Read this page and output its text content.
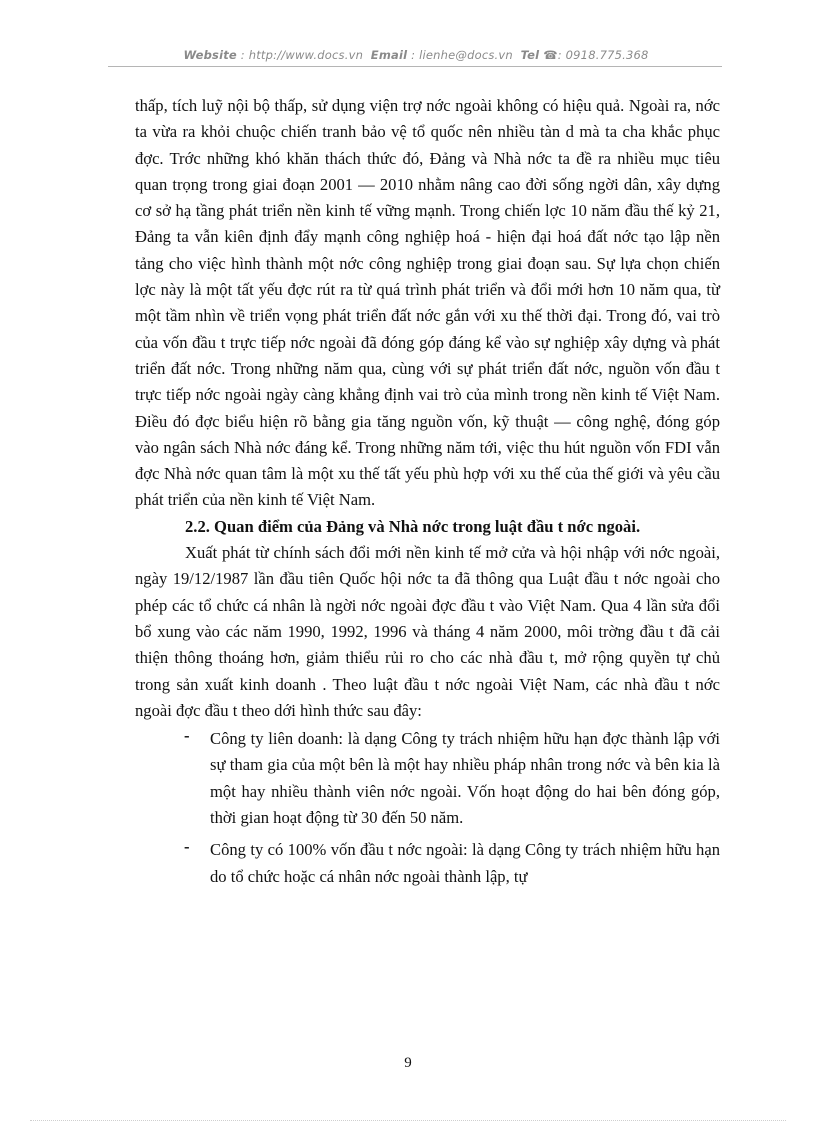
Website : http://www.docs.vn Email : lienhe@docs.vn Tel ☎: 0918.775.368

thấp, tích luỹ nội bộ thấp, sử dụng viện trợ nớc ngoài không có hiệu quả. Ngoài ra, nớc ta vừa ra khỏi chuộc chiến tranh bảo vệ tổ quốc nên nhiều tàn d mà ta cha khắc phục đợc. Trớc những khó khăn thách thức đó, Đảng và Nhà nớc ta đề ra nhiều mục tiêu quan trọng trong giai đoạn 2001 — 2010 nhằm nâng cao đời sống ngời dân, xây dựng cơ sở hạ tầng phát triển nền kinh tế vững mạnh. Trong chiến lợc 10 năm đầu thế kỷ 21, Đảng ta vẫn kiên định đẩy mạnh công nghiệp hoá - hiện đại hoá đất nớc tạo lập nền tảng cho việc hình thành một nớc công nghiệp trong giai đoạn sau. Sự lựa chọn chiến lợc này là một tất yếu đợc rút ra từ quá trình phát triển và đổi mới hơn 10 năm qua, từ một tầm nhìn về triển vọng phát triển đất nớc gắn với xu thế thời đại. Trong đó, vai trò của vốn đầu t trực tiếp nớc ngoài đã đóng góp đáng kể vào sự nghiệp xây dựng và phát triển đất nớc. Trong những năm qua, cùng với sự phát triển đất nớc, nguồn vốn đầu t trực tiếp nớc ngoài ngày càng khẳng định vai trò của mình trong nền kinh tế Việt Nam. Điều đó đợc biểu hiện rõ bằng gia tăng nguồn vốn, kỹ thuật — công nghệ, đóng góp vào ngân sách Nhà nớc đáng kể. Trong những năm tới, việc thu hút nguồn vốn FDI vẫn đợc Nhà nớc quan tâm là một xu thế tất yếu phù hợp với xu thế của thế giới và yêu cầu phát triển của nền kinh tế Việt Nam.

2.2. Quan điểm của Đảng và Nhà nớc trong luật đầu t nớc ngoài.

Xuất phát từ chính sách đổi mới nền kinh tế mở cửa và hội nhập với nớc ngoài, ngày 19/12/1987 lần đầu tiên Quốc hội nớc ta đã thông qua Luật đầu t nớc ngoài cho phép các tổ chức cá nhân là ngời nớc ngoài đợc đầu t vào Việt Nam. Qua 4 lần sửa đổi bổ xung vào các năm 1990, 1992, 1996 và tháng 4 năm 2000, môi trờng đầu t đã cải thiện thông thoáng hơn, giảm thiểu rủi ro cho các nhà đầu t, mở rộng quyền tự chủ trong sản xuất kinh doanh . Theo luật đầu t nớc ngoài Việt Nam, các nhà đầu t nớc ngoài đợc đầu t theo dới hình thức sau đây:

- Công ty liên doanh: là dạng Công ty trách nhiệm hữu hạn đợc thành lập với sự tham gia của một bên là một hay nhiều pháp nhân trong nớc và bên kia là một hay nhiều thành viên nớc ngoài. Vốn hoạt động do hai bên đóng góp, thời gian hoạt động từ 30 đến 50 năm.
- Công ty có 100% vốn đầu t nớc ngoài: là dạng Công ty trách nhiệm hữu hạn do tổ chức hoặc cá nhân nớc ngoài thành lập, tự
9
